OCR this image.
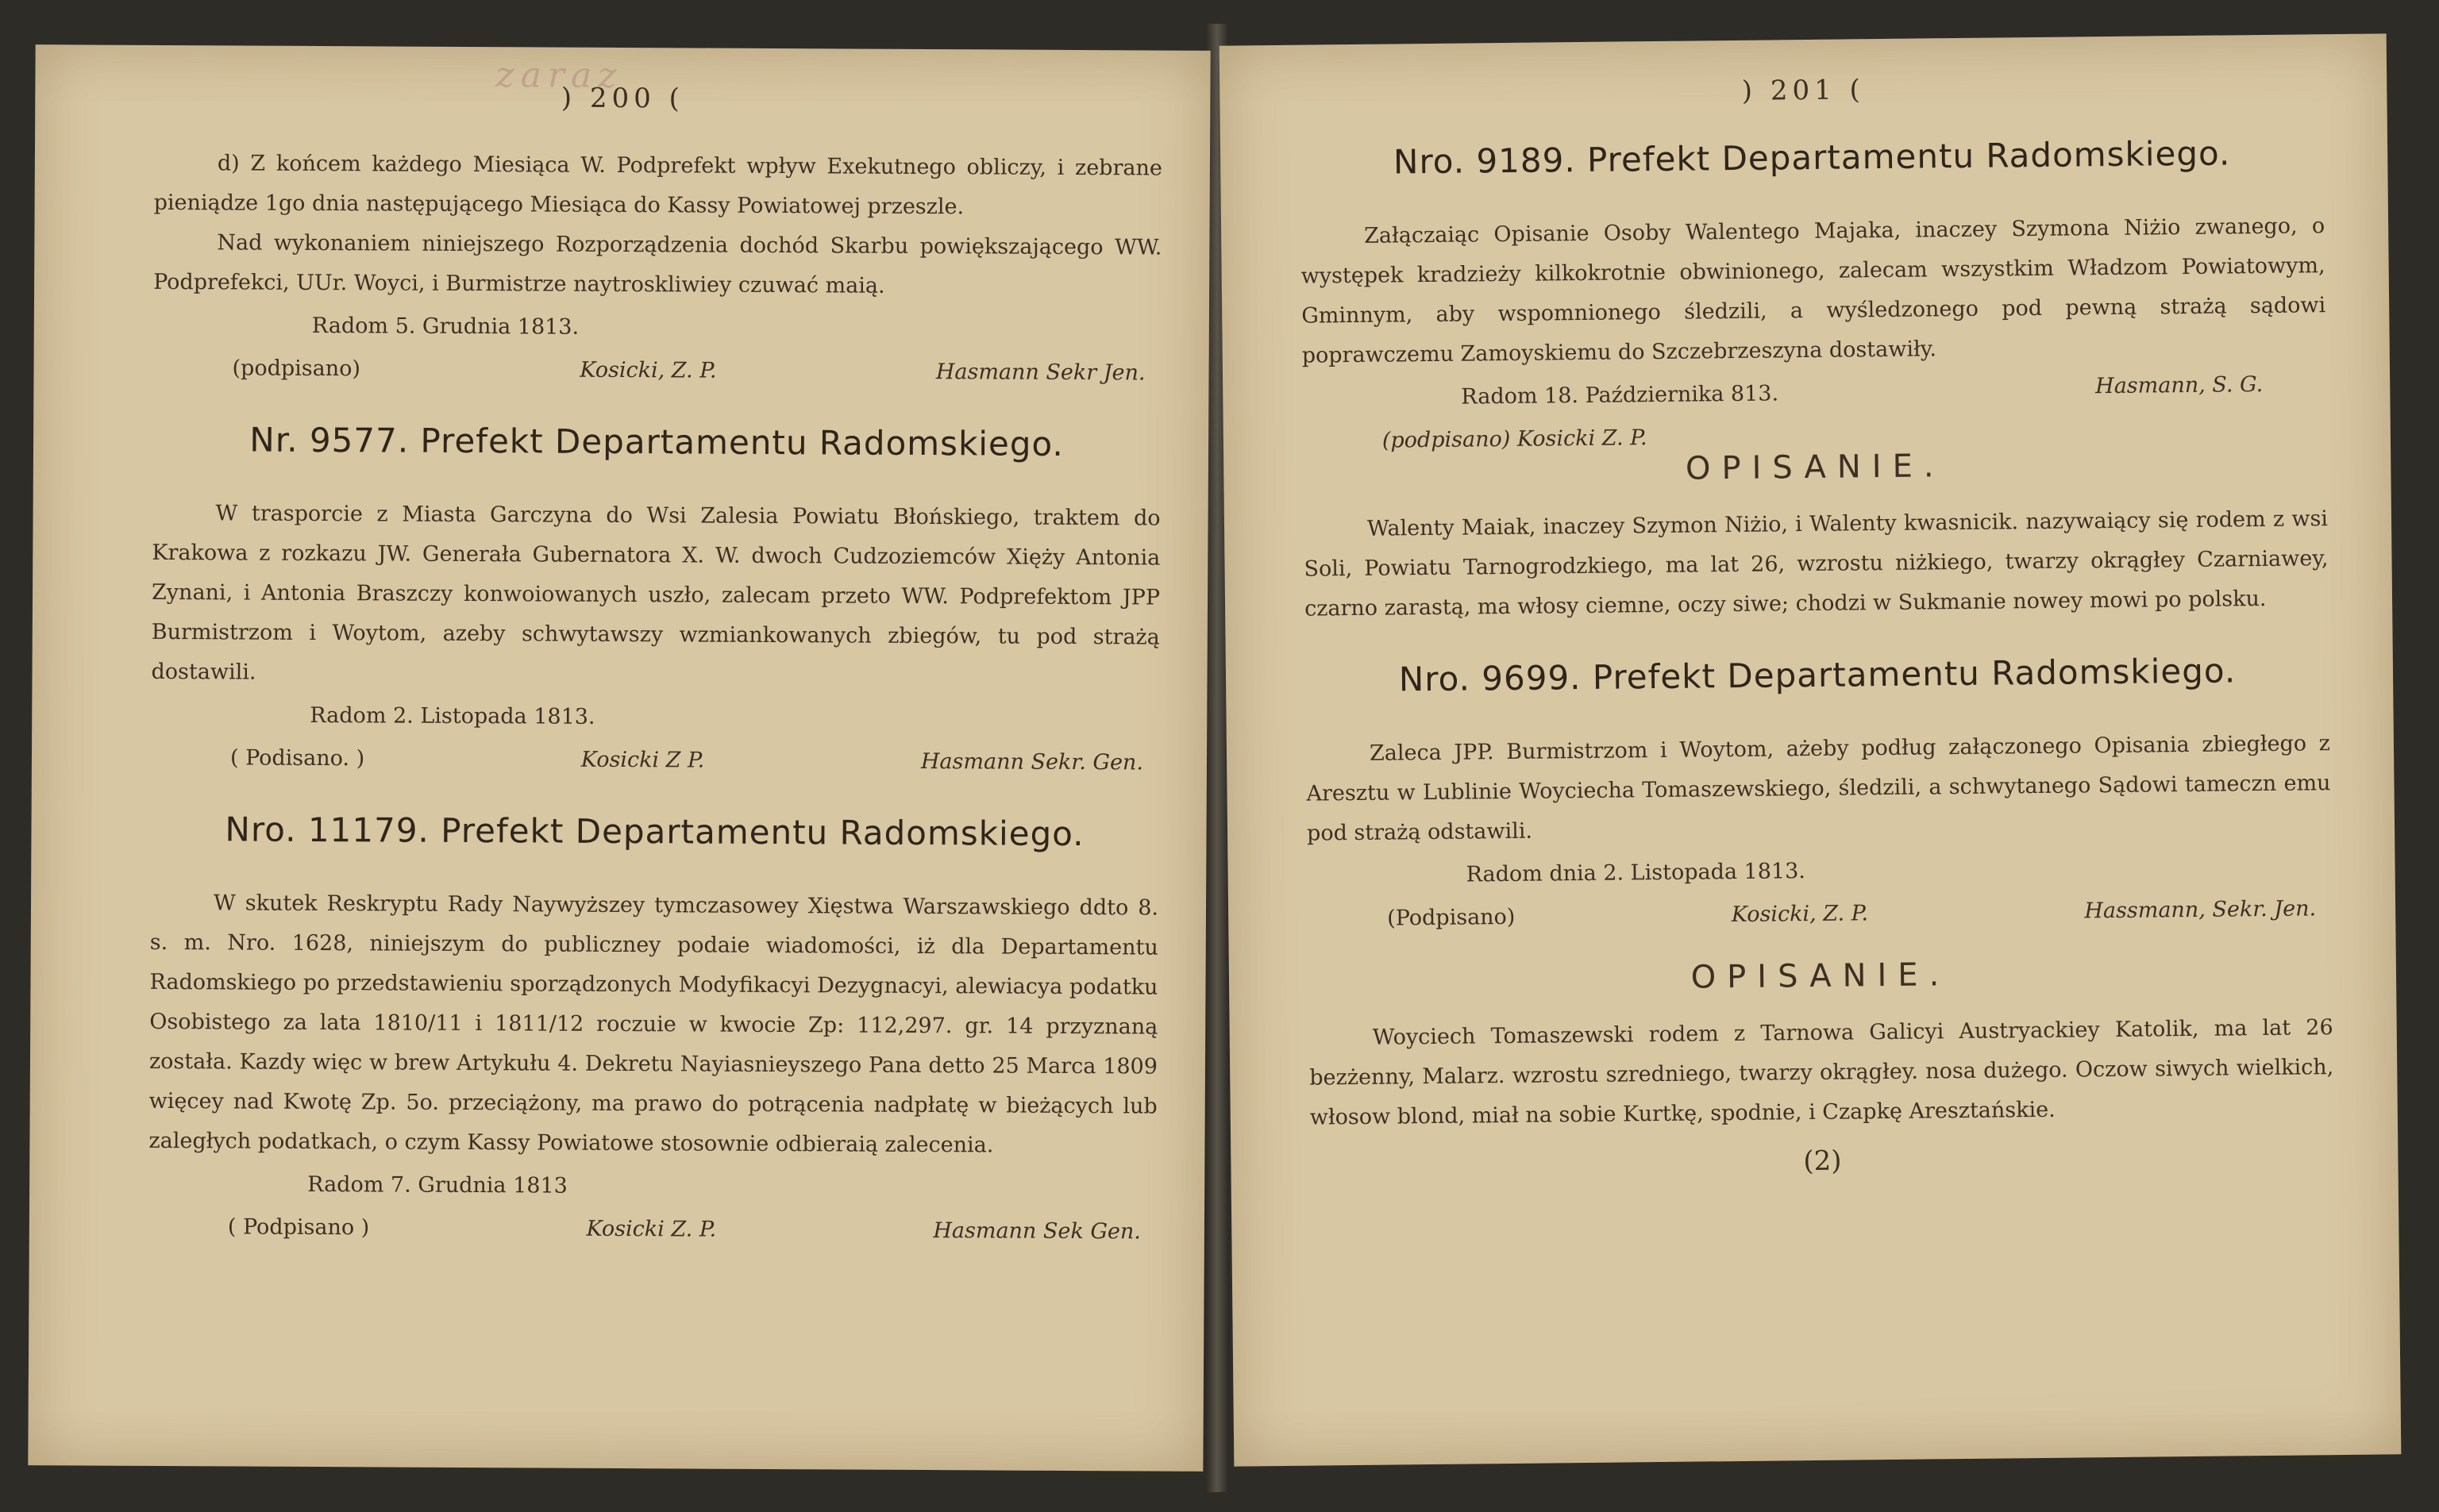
zaraz
) 200 (

d) Z końcem każdego Miesiąca W. Podprefekt wpływ Exekutnego obliczy, i zebrane pieniądze 1go dnia następującego Miesiąca do Kassy Powiatowej przeszle.

Nad wykonaniem niniejszego Rozporządzenia dochód Skarbu powiększającego WW. Podprefekci, UUr. Woyci, i Burmistrze naytroskliwiey czuwać maią.

Radom 5. Grudnia 1813.
(podpisano)	Kosicki, Z. P.	Hasmann Sekr Jen.
Nr. 9577. Prefekt Departamentu Radomskiego.

W trasporcie z Miasta Garczyna do Wsi Zalesia Powiatu Błońskiego, traktem do Krakowa z rozkazu JW. Generała Gubernatora X. W. dwoch Cudzoziemców Xięży Antonia Zynani, i Antonia Braszczy konwoiowanych uszło, zalecam przeto WW. Podprefektom JPP Burmistrzom i Woytom, azeby schwytawszy wzmiankowanych zbiegów, tu pod strażą dostawili.

Radom 2. Listopada 1813.
( Podisano. )	Kosicki Z P.	Hasmann Sekr. Gen.
Nro. 11179. Prefekt Departamentu Radomskiego.

W skutek Reskryptu Rady Naywyższey tymczasowey Xięstwa Warszawskiego ddto 8. s. m. Nro. 1628, niniejszym do publiczney podaie wiadomości, iż dla Departamentu Radomskiego po przedstawieniu sporządzonych Modyfikacyi Dezygnacyi, alewiacya podatku Osobistego za lata 1810/11 i 1811/12 roczuie w kwocie Zp: 112,297. gr. 14 przyznaną została. Kazdy więc w brew Artykułu 4. Dekretu Nayiasnieyszego Pana detto 25 Marca 1809 więcey nad Kwotę Zp. 5o. przeciążony, ma prawo do potrącenia nadpłatę w bieżących lub zaległych podatkach, o czym Kassy Powiatowe stosownie odbieraią zalecenia.

Radom 7. Grudnia 1813
( Podpisano )	Kosicki Z. P.	Hasmann Sek Gen.
) 201 (
Nro. 9189. Prefekt Departamentu Radomskiego.

Załączaiąc Opisanie Osoby Walentego Majaka, inaczey Szymona Niżio zwanego, o występek kradzieży kilkokrotnie obwinionego, zalecam wszystkim Władzom Powiatowym, Gminnym, aby wspomnionego śledzili, a wyśledzonego pod pewną strażą sądowi poprawczemu Zamoyskiemu do Szczebrzeszyna dostawiły.

Radom 18. Października 813.
(podpisano) Kosicki Z. P.
Hasmann, S. G.
OPISANIE.

Walenty Maiak, inaczey Szymon Niżio, i Walenty kwasnicik. nazywaiący się rodem z wsi Soli, Powiatu Tarnogrodzkiego, ma lat 26, wzrostu niżkiego, twarzy okrągłey Czarniawey, czarno zarastą, ma włosy ciemne, oczy siwe; chodzi w Sukmanie nowey mowi po polsku.

Nro. 9699. Prefekt Departamentu Radomskiego.

Zaleca JPP. Burmistrzom i Woytom, ażeby podług załączonego Opisania zbiegłego z Aresztu w Lublinie Woyciecha Tomaszewskiego, śledzili, a schwytanego Sądowi tameczn emu pod strażą odstawili.

Radom dnia 2. Listopada 1813.
(Podpisano)	Kosicki, Z. P.	Hassmann, Sekr. Jen.
OPISANIE.

Woyciech Tomaszewski rodem z Tarnowa Galicyi Austryackiey Katolik, ma lat 26 bezżenny, Malarz. wzrostu szredniego, twarzy okrągłey. nosa dużego. Oczow siwych wielkich, włosow blond, miał na sobie Kurtkę, spodnie, i Czapkę Aresztańskie.

(2)
